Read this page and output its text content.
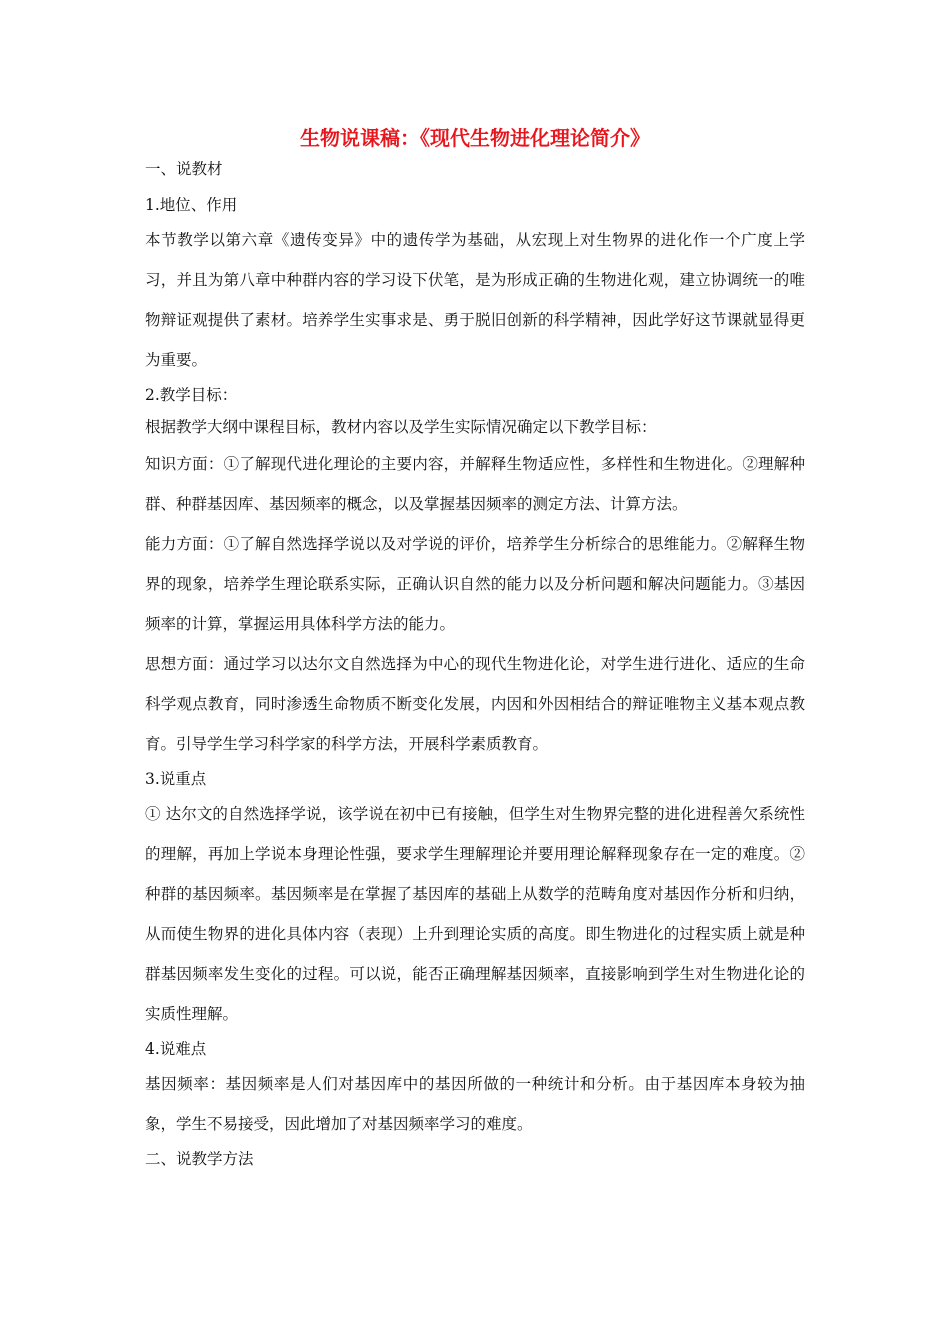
生物说课稿：《现代生物进化理论简介》

一、说教材

1.地位、作用

本节教学以第六章《遗传变异》中的遗传学为基础，从宏现上对生物界的进化作一个广度上学习，并且为第八章中种群内容的学习设下伏笔，是为形成正确的生物进化观，建立协调统一的唯物辩证观提供了素材。培养学生实事求是、勇于脱旧创新的科学精神，因此学好这节课就显得更为重要。

2.教学目标：

根据教学大纲中课程目标，教材内容以及学生实际情况确定以下教学目标：

知识方面：①了解现代进化理论的主要内容，并解释生物适应性，多样性和生物进化。②理解种群、种群基因库、基因频率的概念，以及掌握基因频率的测定方法、计算方法。

能力方面：①了解自然选择学说以及对学说的评价，培养学生分析综合的思维能力。②解释生物界的现象，培养学生理论联系实际，正确认识自然的能力以及分析问题和解决问题能力。③基因频率的计算，掌握运用具体科学方法的能力。

思想方面：通过学习以达尔文自然选择为中心的现代生物进化论，对学生进行进化、适应的生命科学观点教育，同时渗透生命物质不断变化发展，内因和外因相结合的辩证唯物主义基本观点教育。引导学生学习科学家的科学方法，开展科学素质教育。

3.说重点

① 达尔文的自然选择学说，该学说在初中已有接触，但学生对生物界完整的进化进程善欠系统性的理解，再加上学说本身理论性强，要求学生理解理论并要用理论解释现象存在一定的难度。②种群的基因频率。基因频率是在掌握了基因库的基础上从数学的范畴角度对基因作分析和归纳，从而使生物界的进化具体内容（表现）上升到理论实质的高度。即生物进化的过程实质上就是种群基因频率发生变化的过程。可以说，能否正确理解基因频率，直接影响到学生对生物进化论的实质性理解。

4.说难点

基因频率：基因频率是人们对基因库中的基因所做的一种统计和分析。由于基因库本身较为抽象，学生不易接受，因此增加了对基因频率学习的难度。

二、说教学方法
